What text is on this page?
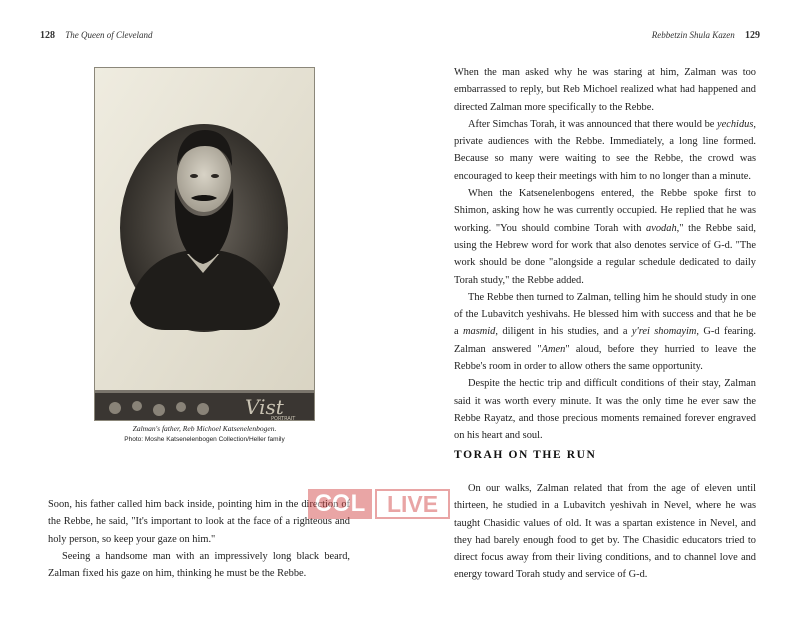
128 The Queen of Cleveland	Rebbetzin Shula Kazen 129
Vist
PORTRAIT
Zalman's father, Reb Michoel Katsenelenbogen.
Photo: Moshe Katsenelenbogen Collection/Heller family

Soon, his father called him back inside, pointing him in the direction of the Rebbe, he said, "It's important to look at the face of a righteous and holy person, so keep your gaze on him."

Seeing a handsome man with an impressively long black beard, Zalman fixed his gaze on him, thinking he must be the Rebbe.

COL LIVE

When the man asked why he was staring at him, Zalman was too embarrassed to reply, but Reb Michoel realized what had happened and directed Zalman more specifically to the Rebbe.

After Simchas Torah, it was announced that there would be yechidus, private audiences with the Rebbe. Immediately, a long line formed. Because so many were waiting to see the Rebbe, the crowd was encouraged to keep their meetings with him to no longer than a minute.

When the Katsenelenbogens entered, the Rebbe spoke first to Shimon, asking how he was currently occupied. He replied that he was working. "You should combine Torah with avodah," the Rebbe said, using the Hebrew word for work that also denotes service of G-d. "The work should be done "alongside a regular schedule dedicated to daily Torah study," the Rebbe added.

The Rebbe then turned to Zalman, telling him he should study in one of the Lubavitch yeshivahs. He blessed him with success and that he be a masmid, diligent in his studies, and a y'rei shomayim, G-d fearing. Zalman answered "Amen" aloud, before they hurried to leave the Rebbe's room in order to allow others the same opportunity.

Despite the hectic trip and difficult conditions of their stay, Zalman said it was worth every minute. It was the only time he ever saw the Rebbe Rayatz, and those precious moments remained forever engraved on his heart and soul.

TORAH ON THE RUN

On our walks, Zalman related that from the age of eleven until thirteen, he studied in a Lubavitch yeshivah in Nevel, where he was taught Chasidic values of old. It was a spartan existence in Nevel, and they had barely enough food to get by. The Chasidic educators tried to direct focus away from their living conditions, and to channel love and energy toward Torah study and service of G-d.
